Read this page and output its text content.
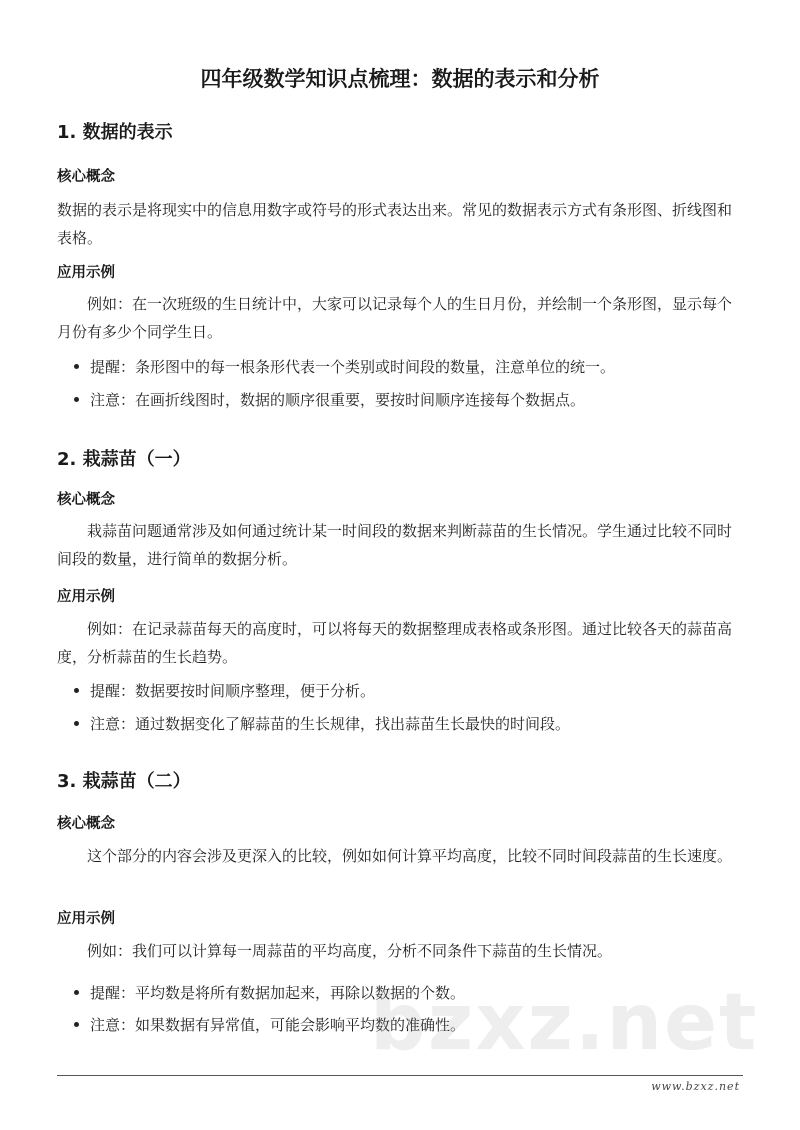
四年级数学知识点梳理：数据的表示和分析
1. 数据的表示
核心概念

数据的表示是将现实中的信息用数字或符号的形式表达出来。常见的数据表示方式有条形图、折线图和表格。

应用示例

例如：在一次班级的生日统计中，大家可以记录每个人的生日月份，并绘制一个条形图，显示每个月份有多少个同学生日。

提醒：条形图中的每一根条形代表一个类别或时间段的数量，注意单位的统一。
注意：在画折线图时，数据的顺序很重要，要按时间顺序连接每个数据点。
2. 栽蒜苗（一）
核心概念

栽蒜苗问题通常涉及如何通过统计某一时间段的数据来判断蒜苗的生长情况。学生通过比较不同时间段的数量，进行简单的数据分析。

应用示例

例如：在记录蒜苗每天的高度时，可以将每天的数据整理成表格或条形图。通过比较各天的蒜苗高度，分析蒜苗的生长趋势。

提醒：数据要按时间顺序整理，便于分析。
注意：通过数据变化了解蒜苗的生长规律，找出蒜苗生长最快的时间段。
3. 栽蒜苗（二）
核心概念

这个部分的内容会涉及更深入的比较，例如如何计算平均高度，比较不同时间段蒜苗的生长速度。

应用示例

例如：我们可以计算每一周蒜苗的平均高度，分析不同条件下蒜苗的生长情况。

提醒：平均数是将所有数据加起来，再除以数据的个数。
注意：如果数据有异常值，可能会影响平均数的准确性。

bzxz.net

www.bzxz.net
